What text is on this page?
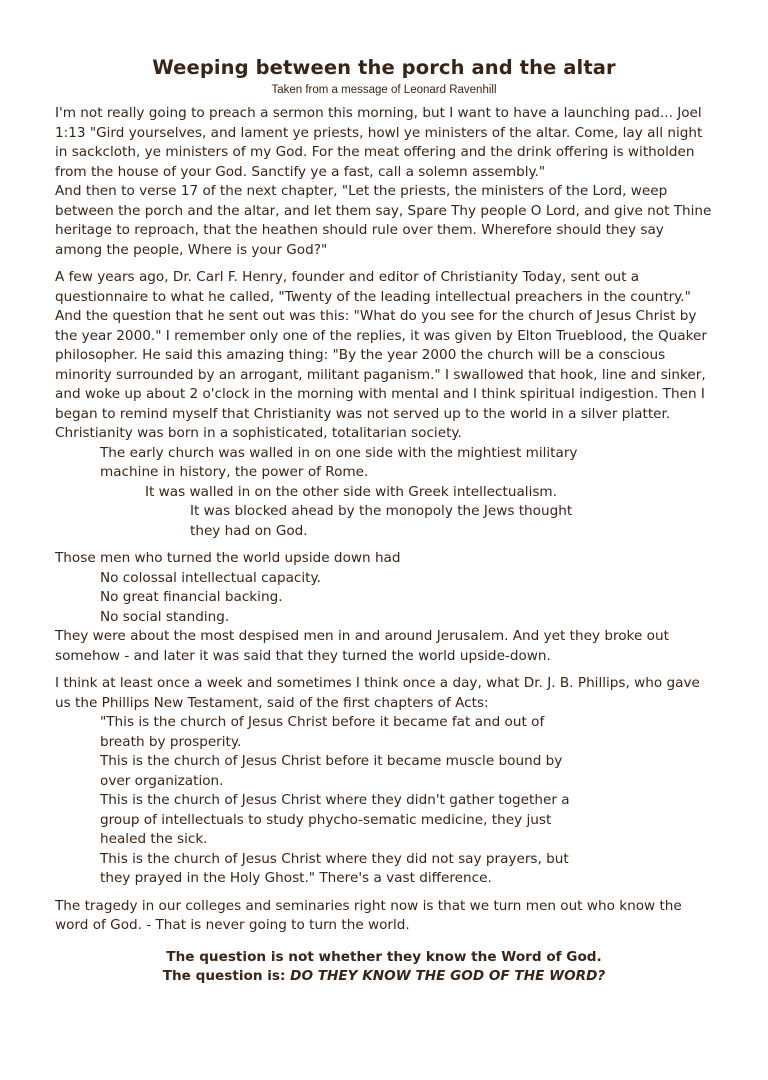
Weeping between the porch and the altar
Taken from a message of Leonard Ravenhill

I'm not really going to preach a sermon this morning, but I want to have a launching pad... Joel 1:13 "Gird yourselves, and lament ye priests, howl ye ministers of the altar. Come, lay all night in sackcloth, ye ministers of my God. For the meat offering and the drink offering is witholden from the house of your God. Sanctify ye a fast, call a solemn assembly."

And then to verse 17 of the next chapter, "Let the priests, the ministers of the Lord, weep between the porch and the altar, and let them say, Spare Thy people O Lord, and give not Thine heritage to reproach, that the heathen should rule over them. Wherefore should they say among the people, Where is your God?"

A few years ago, Dr. Carl F. Henry, founder and editor of Christianity Today, sent out a questionnaire to what he called, "Twenty of the leading intellectual preachers in the country." And the question that he sent out was this: "What do you see for the church of Jesus Christ by the year 2000." I remember only one of the replies, it was given by Elton Trueblood, the Quaker philosopher. He said this amazing thing: "By the year 2000 the church will be a conscious minority surrounded by an arrogant, militant paganism." I swallowed that hook, line and sinker, and woke up about 2 o'clock in the morning with mental and I think spiritual indigestion. Then I began to remind myself that Christianity was not served up to the world in a silver platter. Christianity was born in a sophisticated, totalitarian society.

The early church was walled in on one side with the mightiest military machine in history, the power of Rome.

It was walled in on the other side with Greek intellectualism.

It was blocked ahead by the monopoly the Jews thought they had on God.

Those men who turned the world upside down had

No colossal intellectual capacity.

No great financial backing.

No social standing.

They were about the most despised men in and around Jerusalem. And yet they broke out somehow - and later it was said that they turned the world upside-down.

I think at least once a week and sometimes I think once a day, what Dr. J. B. Phillips, who gave us the Phillips New Testament, said of the first chapters of Acts:

"This is the church of Jesus Christ before it became fat and out of breath by prosperity.

This is the church of Jesus Christ before it became muscle bound by over organization.

This is the church of Jesus Christ where they didn't gather together a group of intellectuals to study phycho-sematic medicine, they just healed the sick.

This is the church of Jesus Christ where they did not say prayers, but they prayed in the Holy Ghost." There's a vast difference.

The tragedy in our colleges and seminaries right now is that we turn men out who know the word of God. - That is never going to turn the world.

The question is not whether they know the Word of God.
The question is: DO THEY KNOW THE GOD OF THE WORD?
